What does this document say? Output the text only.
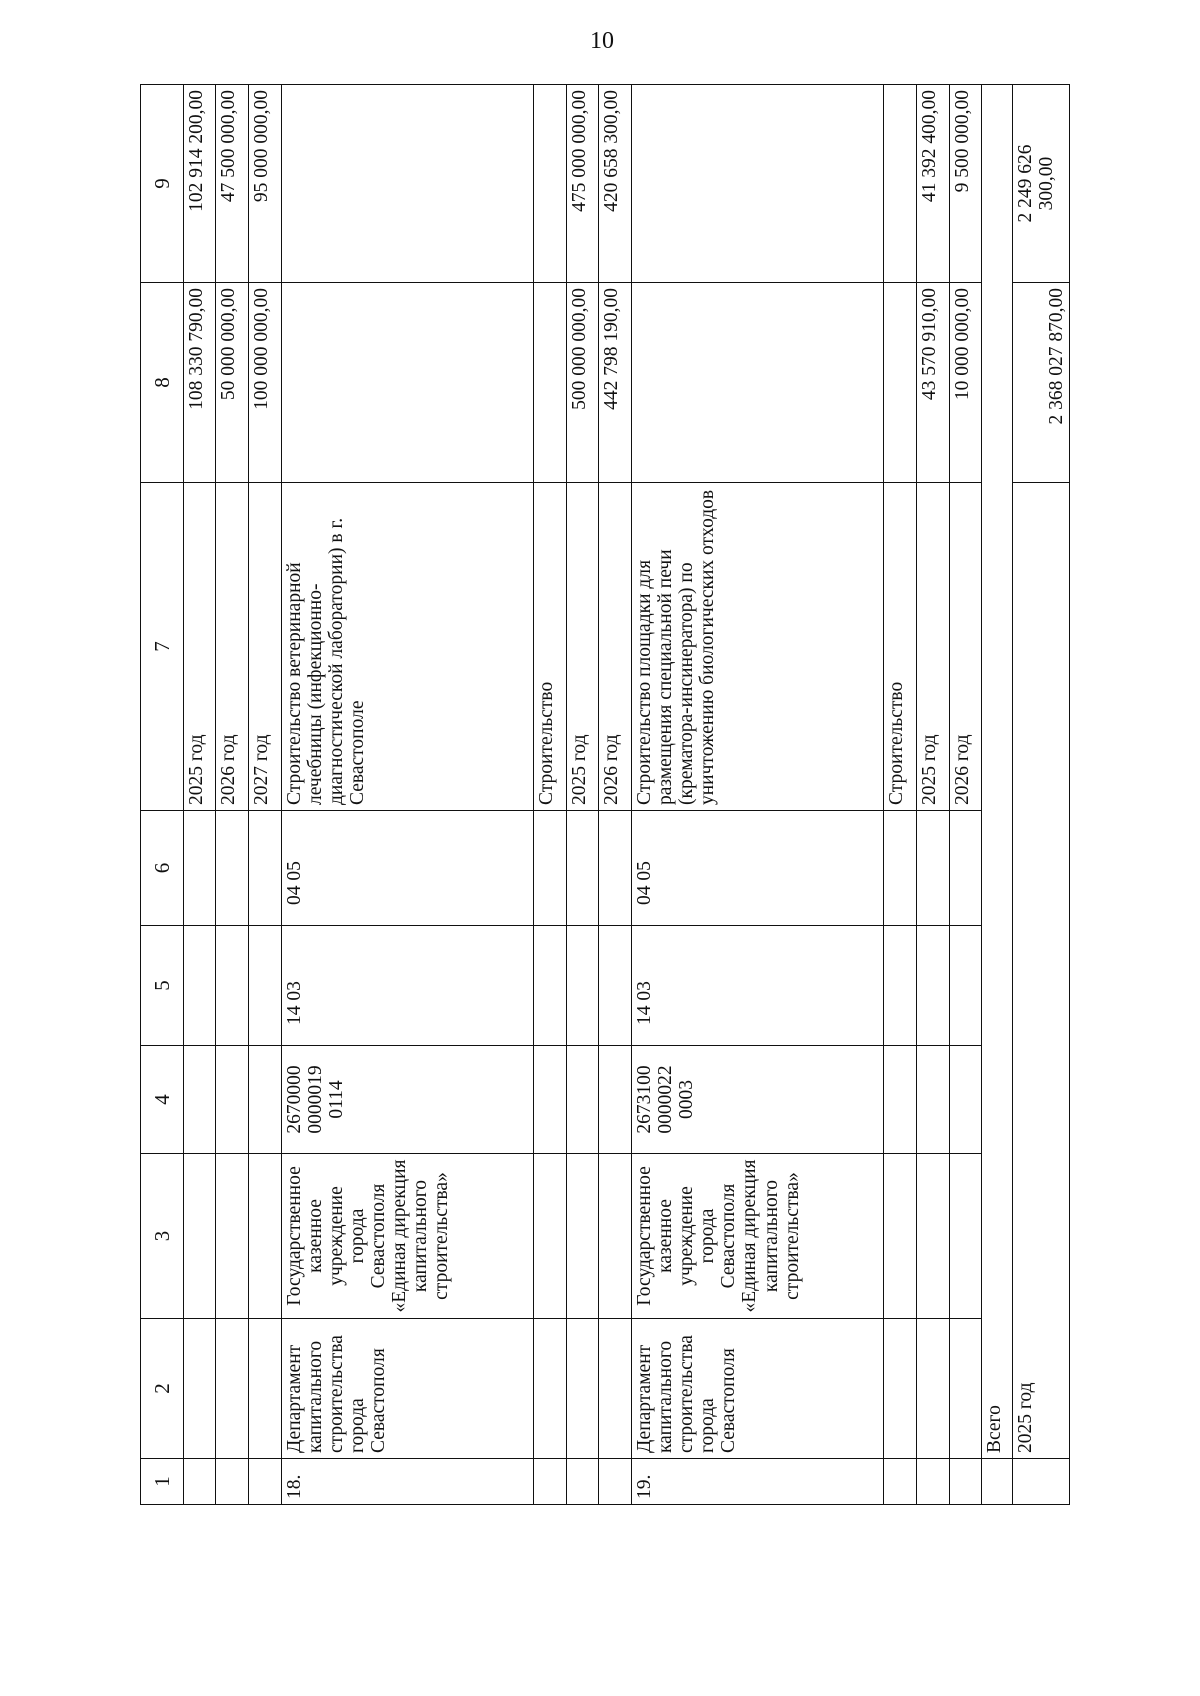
10
1	2	3	4	5	6	7	8	9
						2025 год	108 330 790,00	102 914 200,00
						2026 год	50 000 000,00	47 500 000,00
						2027 год	100 000 000,00	95 000 000,00
18.	Департамент капитального строительства города Севастополя	Государственное казенное учреждение города Севастополя «Единая дирекция капитального строительства»	2670000 0000019 0114	14 03	04 05	Строительство ветеринарной лечебницы (инфекционно-диагностической лаборатории) в г. Севастополе		
						Строительство		
						2025 год	500 000 000,00	475 000 000,00
						2026 год	442 798 190,00	420 658 300,00
19.	Департамент капитального строительства города Севастополя	Государственное казенное учреждение города Севастополя «Единая дирекция капитального строительства»	2673100 0000022 0003	14 03	04 05	Строительство площадки для размещения специальной печи (крематора-инсинератора) по уничтожению биологических отходов		
						Строительство		
						2025 год	43 570 910,00	41 392 400,00
						2026 год	10 000 000,00	9 500 000,00
	Всего							
	2025 год						2 368 027 870,00	2 249 626 300,00
